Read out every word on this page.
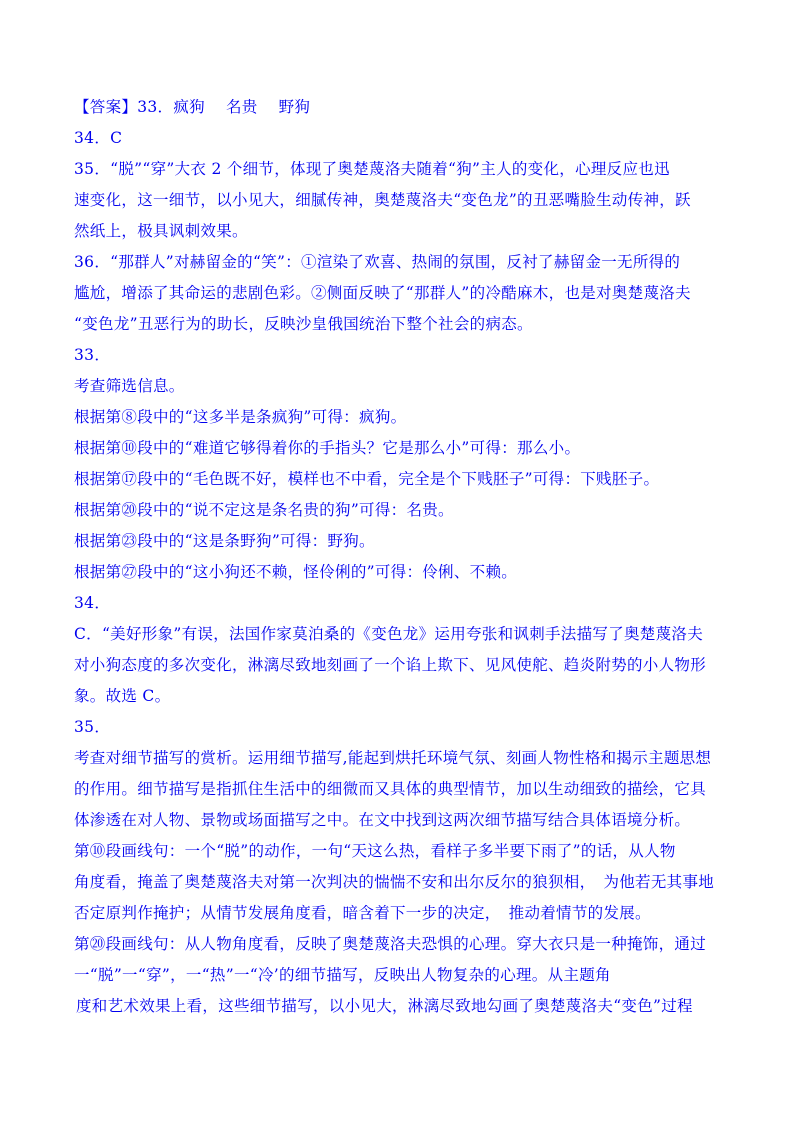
【答案】33．疯狗　 名贵　 野狗
34．C
35．“脱”“穿”大衣 2 个细节，体现了奥楚蔑洛夫随着“狗”主人的变化，心理反应也迅
速变化，这一细节，以小见大，细腻传神，奥楚蔑洛夫“变色龙”的丑恶嘴脸生动传神，跃
然纸上，极具讽刺效果。
36．“那群人”对赫留金的“笑”：①渲染了欢喜、热闹的氛围，反衬了赫留金一无所得的
尴尬，增添了其命运的悲剧色彩。②侧面反映了“那群人”的冷酷麻木，也是对奥楚蔑洛夫
“变色龙”丑恶行为的助长，反映沙皇俄国统治下整个社会的病态。
33．
考查筛选信息。
根据第⑧段中的“这多半是条疯狗”可得：疯狗。
根据第⑩段中的“难道它够得着你的手指头？它是那么小”可得：那么小。
根据第⑰段中的“毛色既不好，模样也不中看，完全是个下贱胚子”可得：下贱胚子。
根据第⑳段中的“说不定这是条名贵的狗”可得：名贵。
根据第㉓段中的“这是条野狗”可得：野狗。
根据第㉗段中的“这小狗还不赖，怪伶俐的”可得：伶俐、不赖。
34．
C．“美好形象”有误，法国作家莫泊桑的《变色龙》运用夸张和讽刺手法描写了奥楚蔑洛夫
对小狗态度的多次变化，淋漓尽致地刻画了一个谄上欺下、见风使舵、趋炎附势的小人物形
象。故选 C。
35．
考查对细节描写的赏析。运用细节描写,能起到烘托环境气氛、刻画人物性格和揭示主题思想
的作用。细节描写是指抓住生活中的细微而又具体的典型情节，加以生动细致的描绘，它具
体渗透在对人物、景物或场面描写之中。在文中找到这两次细节描写结合具体语境分析。
第⑩段画线句：一个“脱”的动作，一句“天这么热，看样子多半要下雨了”的话，从人物
角度看，掩盖了奥楚蔑洛夫对第一次判决的惴惴不安和出尔反尔的狼狈相，　为他若无其事地
否定原判作掩护；从情节发展角度看，暗含着下一步的决定，　推动着情节的发展。
第⑳段画线句：从人物角度看，反映了奥楚蔑洛夫恐惧的心理。穿大衣只是一种掩饰，通过
一“脱”一“穿”，一“热”一“冷’的细节描写，反映出人物复杂的心理。从主题角
度和艺术效果上看，这些细节描写，以小见大，淋漓尽致地勾画了奥楚蔑洛夫“变色”过程
